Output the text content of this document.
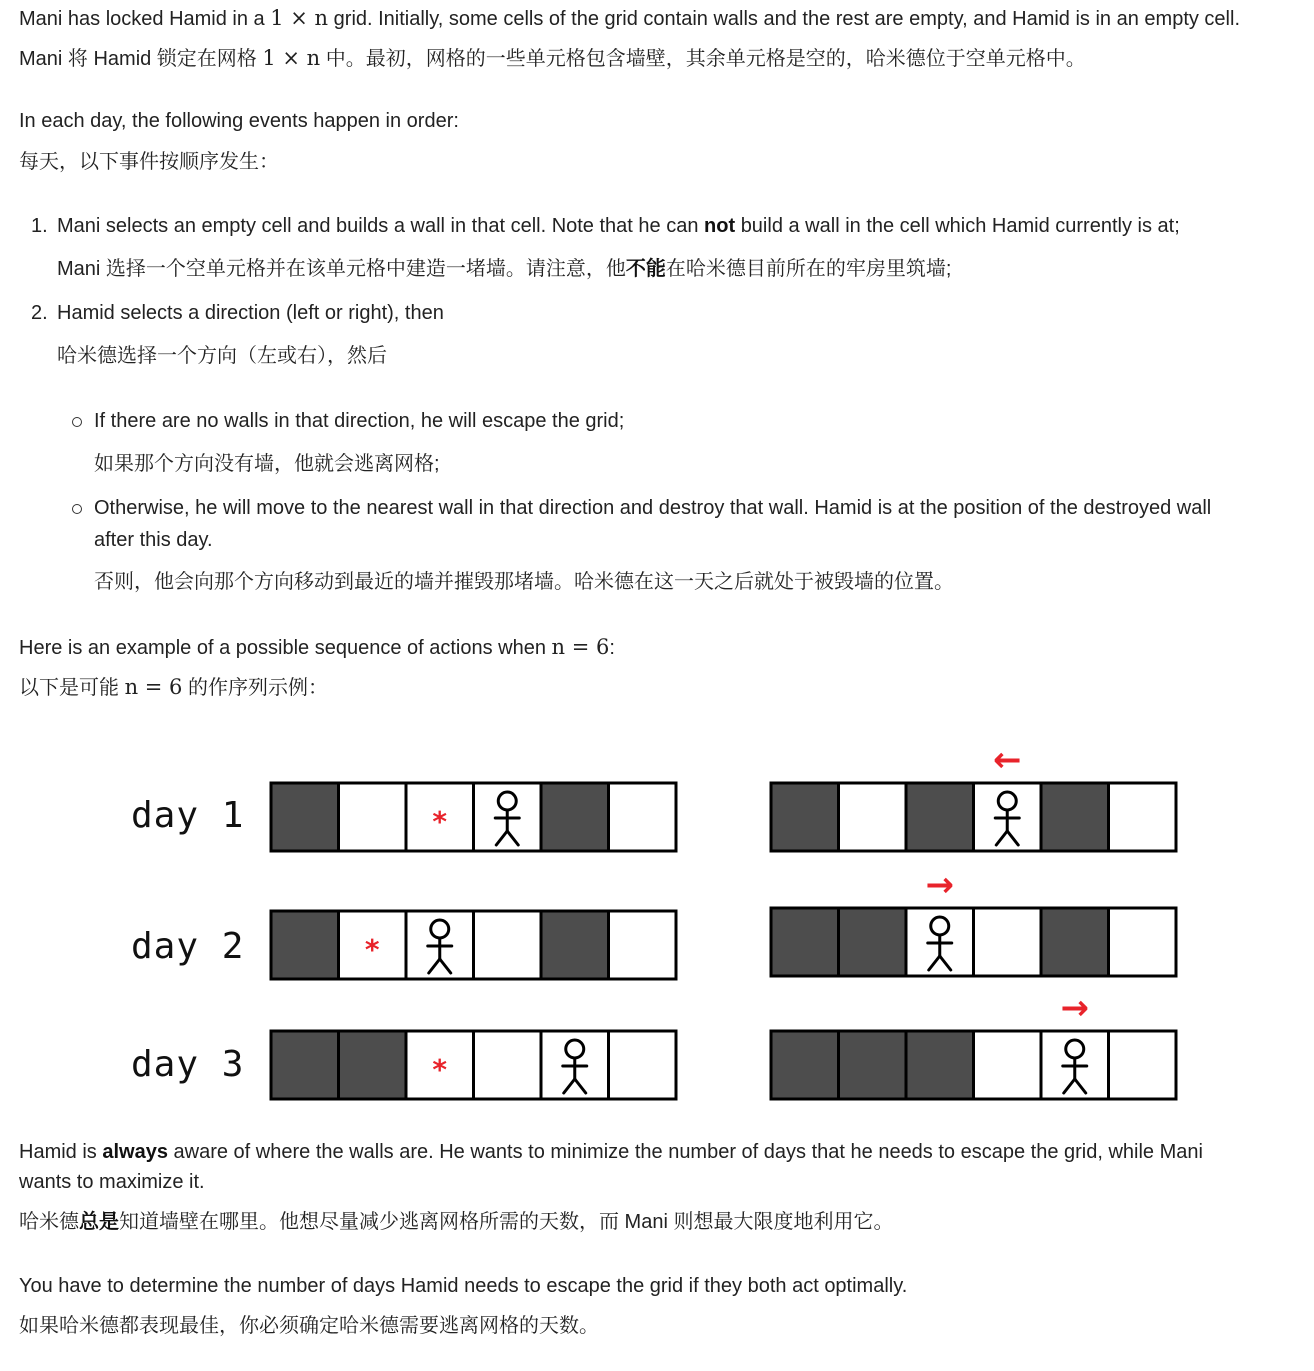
Mani has locked Hamid in a 1 × n grid. Initially, some cells of the grid contain walls and the rest are empty, and Hamid is in an empty cell.
Mani 将 Hamid 锁定在网格 1 × n 中。最初，网格的一些单元格包含墙壁，其余单元格是空的，哈米德位于空单元格中。
In each day, the following events happen in order:
每天，以下事件按顺序发生：
1. Mani selects an empty cell and builds a wall in that cell. Note that he can not build a wall in the cell which Hamid currently is at;
Mani 选择一个空单元格并在该单元格中建造一堵墙。请注意，他不能在哈米德目前所在的牢房里筑墙;
2. Hamid selects a direction (left or right), then
哈米德选择一个方向（左或右），然后
If there are no walls in that direction, he will escape the grid;
如果那个方向没有墙，他就会逃离网格;
Otherwise, he will move to the nearest wall in that direction and destroy that wall. Hamid is at the position of the destroyed wall
after this day.
否则，他会向那个方向移动到最近的墙并摧毁那堵墙。哈米德在这一天之后就处于被毁墙的位置。
Here is an example of a possible sequence of actions when n = 6:
以下是可能 n = 6 的作序列示例：
day 1	*
←
day 2	*
→
day 3	*
→
Hamid is always aware of where the walls are. He wants to minimize the number of days that he needs to escape the grid, while Mani
wants to maximize it.
哈米德总是知道墙壁在哪里。他想尽量减少逃离网格所需的天数，而 Mani 则想最大限度地利用它。
You have to determine the number of days Hamid needs to escape the grid if they both act optimally.
如果哈米德都表现最佳，你必须确定哈米德需要逃离网格的天数。
